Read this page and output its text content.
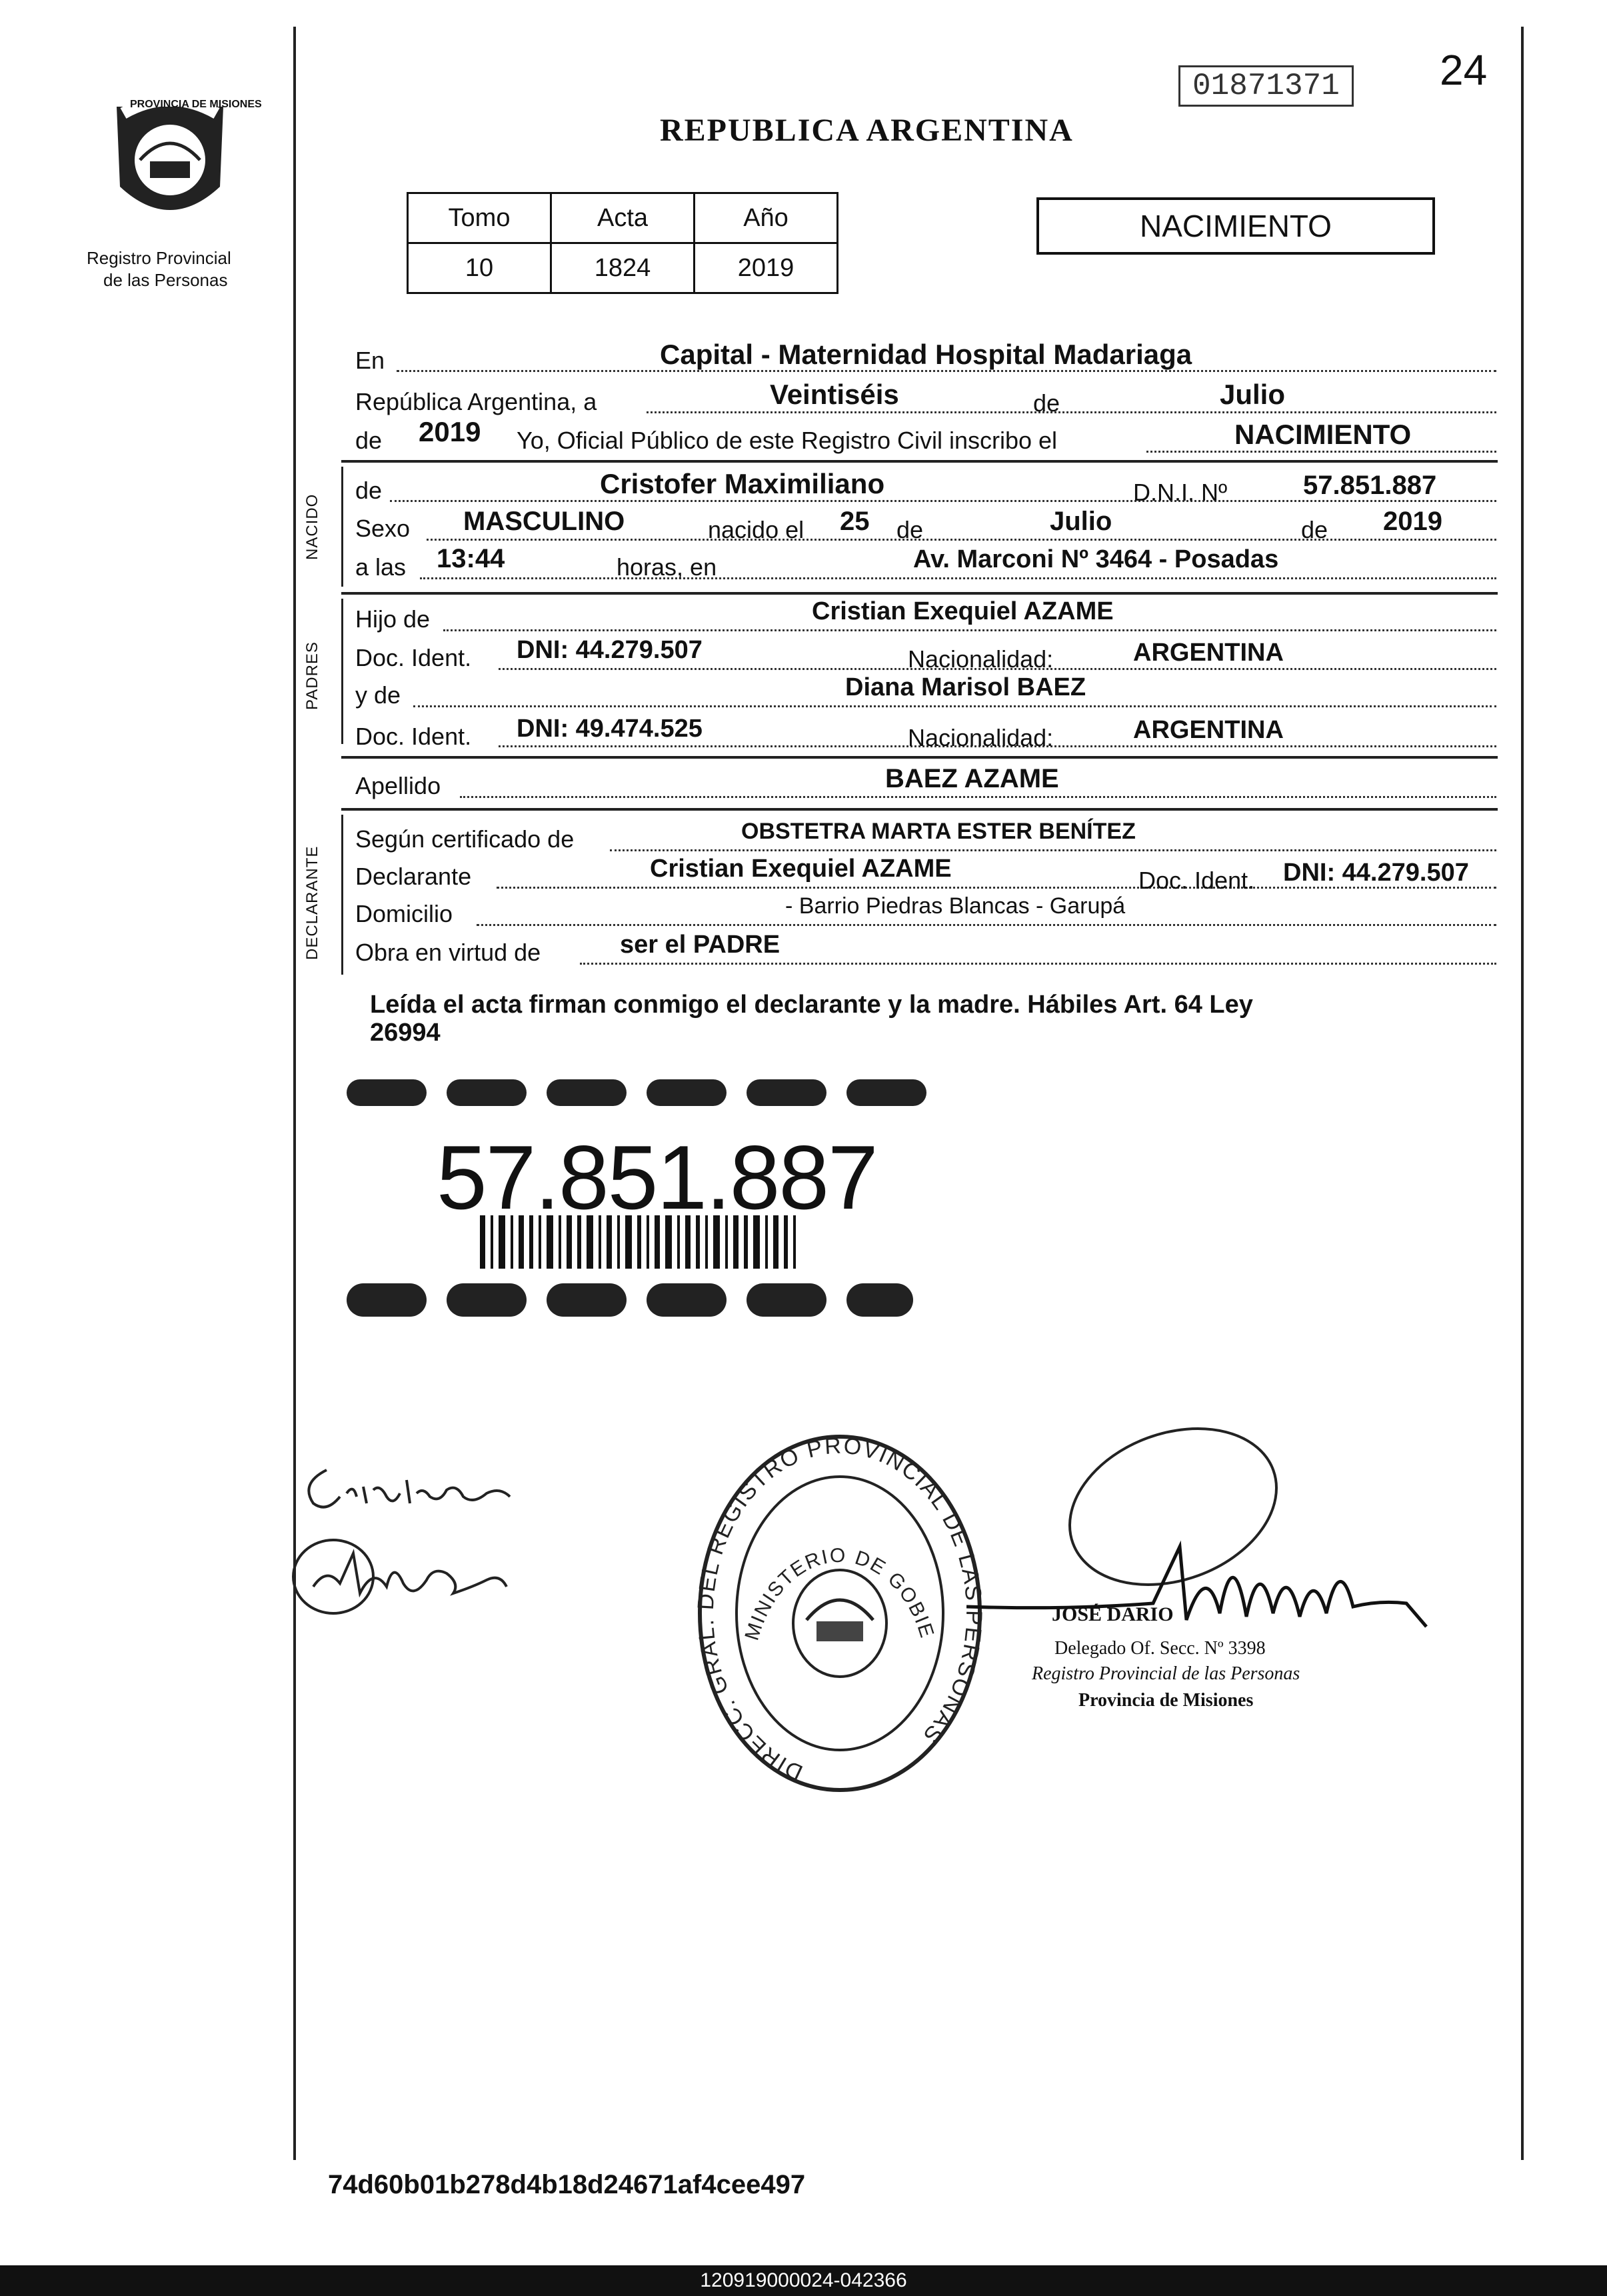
PROVINCIA DE MISIONES
Registro Provincial
de las Personas
REPUBLICA ARGENTINA
01871371	24
NACIMIENTO
Tomo	Acta	Año
10	1824	2019
En	Capital - Maternidad Hospital Madariaga
República Argentina, a	Veintiséis	de	Julio
de 2019 Yo, Oficial Público de este Registro Civil inscribo el	NACIMIENTO
NACIDO
de	Cristofer Maximiliano	D.N.I. Nº	57.851.887
Sexo MASCULINO	nacido el 25 de	Julio	de 2019
a las 13:44	horas, en	Av. Marconi Nº 3464 - Posadas
PADRES
Hijo de	Cristian Exequiel AZAME
Doc. Ident. DNI: 44.279.507	Nacionalidad:	ARGENTINA
y de	Diana Marisol BAEZ
Doc. Ident. DNI: 49.474.525	Nacionalidad:	ARGENTINA
Apellido	BAEZ AZAME
DECLARANTE
Según certificado de	OBSTETRA MARTA ESTER BENÍTEZ
Declarante	Cristian Exequiel AZAME	Doc. Ident. DNI: 44.279.507
Domicilio	- Barrio Piedras Blancas - Garupá
Obra en virtud de	ser el PADRE
Leída el acta firman conmigo el declarante y la madre. Hábiles Art. 64 Ley
26994
57.851.887
DIRECC. GRAL. DEL REGISTRO PROVINCIAL DE LAS PERSONAS
MINISTERIO DE GOBIE
JOSÉ DARIO
Delegado Of. Secc. Nº 3398
Registro Provincial de las Personas
Provincia de Misiones
74d60b01b278d4b18d24671af4cee497
120919000024-042366
